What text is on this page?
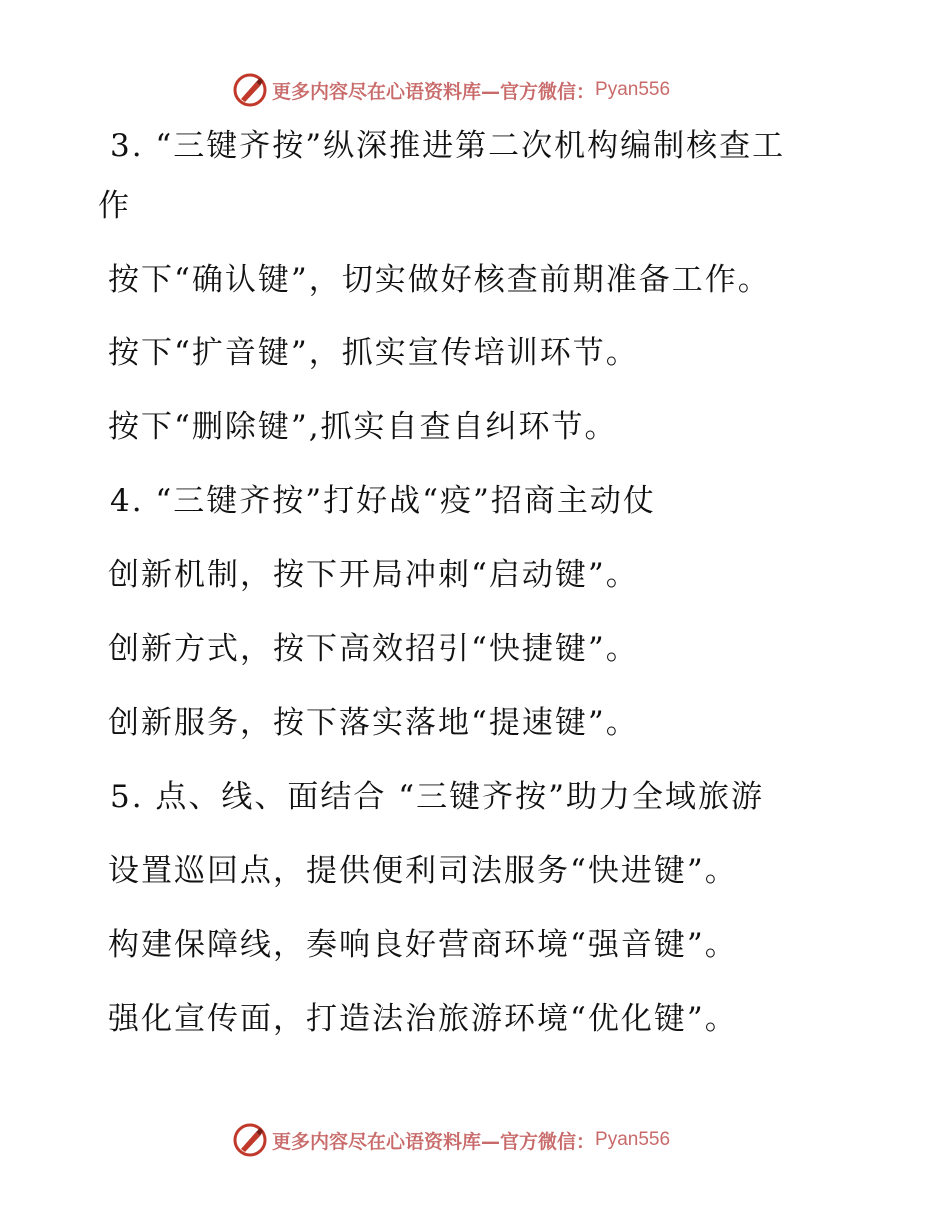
更多内容尽在心语资料库—官方微信： Pyan556
3. “三键齐按”纵深推进第二次机构编制核查工
作
按下“确认键”，切实做好核查前期准备工作。
按下“扩音键”，抓实宣传培训环节。
按下“删除键”,抓实自查自纠环节。
4. “三键齐按”打好战“疫”招商主动仗
创新机制，按下开局冲刺“启动键”。
创新方式，按下高效招引“快捷键”。
创新服务，按下落实落地“提速键”。
5. 点、线、面结合 “三键齐按”助力全域旅游
设置巡回点，提供便利司法服务“快进键”。
构建保障线，奏响良好营商环境“强音键”。
强化宣传面，打造法治旅游环境“优化键”。
更多内容尽在心语资料库—官方微信： Pyan556
